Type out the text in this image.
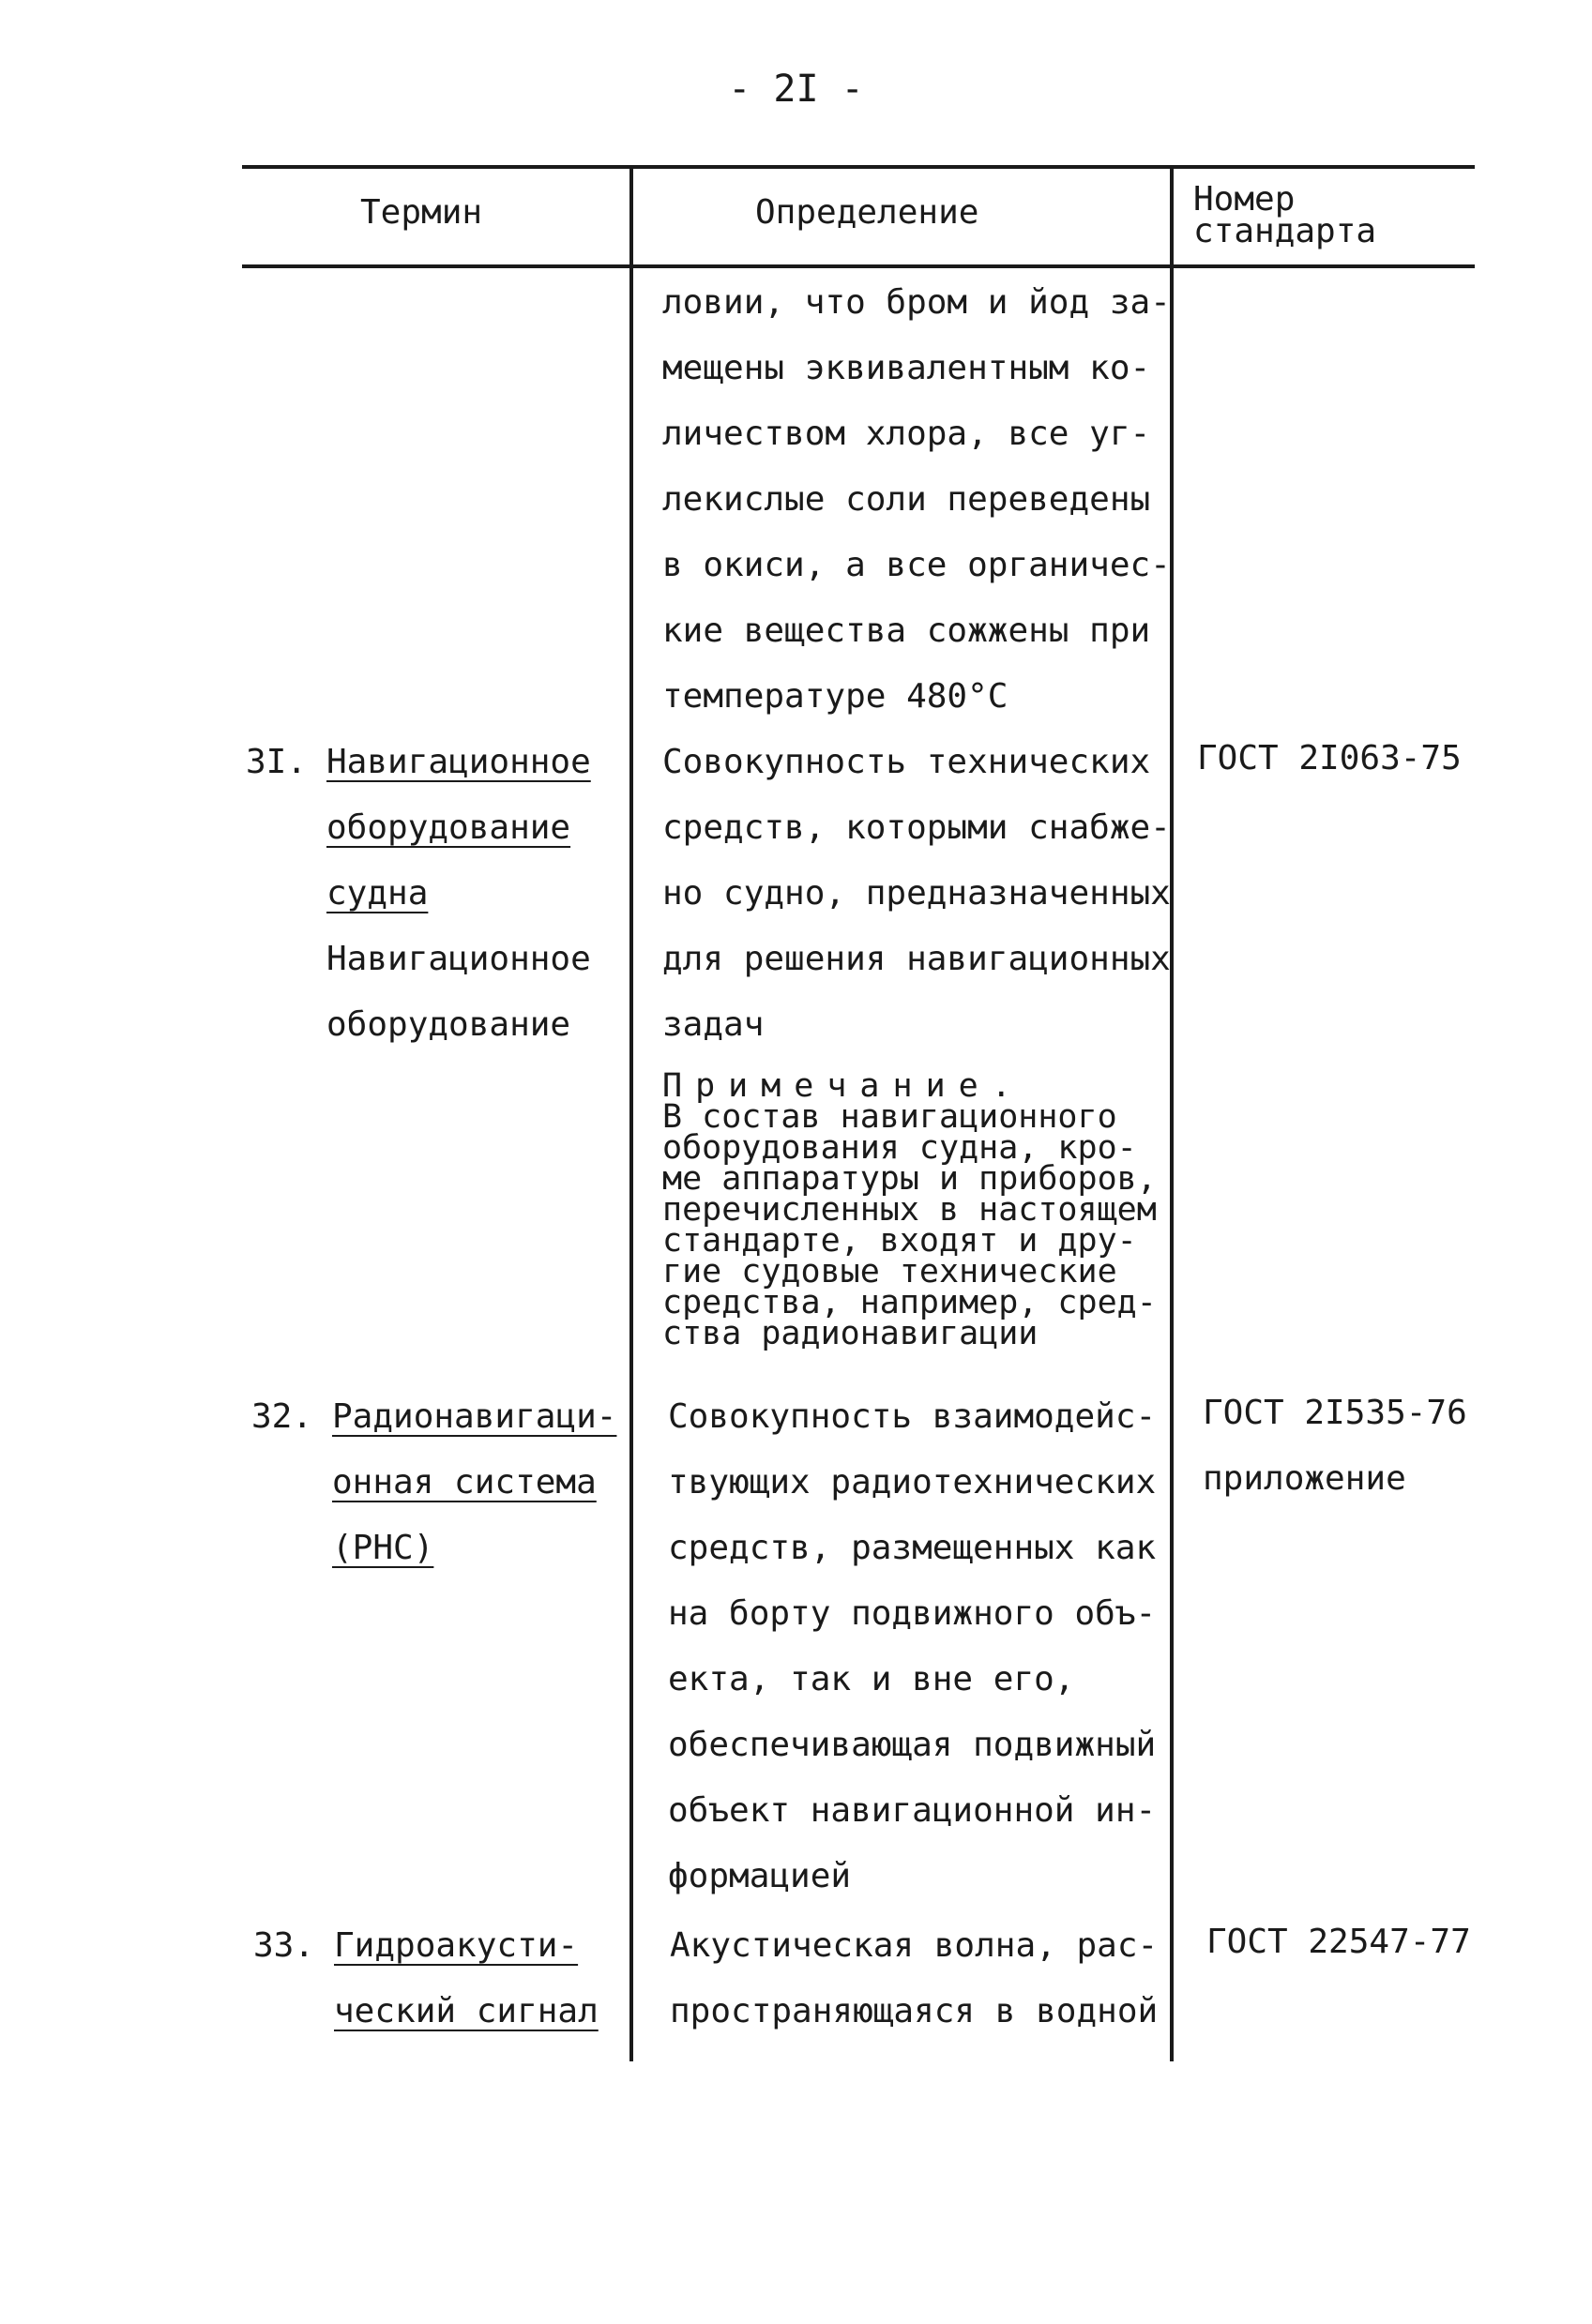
- 2I -
Термин	Определение	Номер
стандарта
ловии, что бром и йод за-
мещены эквивалентным ко-
личеством хлора, все уг-
лекислые соли переведены
в окиси, а все органичес-
кие вещества сожжены при
температуре 480°С
3I. Навигационное
оборудование
судна
Навигационное
оборудование
Совокупность технических
средств, которыми снабже-
но судно, предназначенных
для решения навигационных
задач
Примечание.
В состав навигационного
оборудования судна, кро-
ме аппаратуры и приборов,
перечисленных в настоящем
стандарте, входят и дру-
гие судовые технические
средства, например, сред-
ства радионавигации
ГОСТ 2I063-75
32. Радионавигаци-
онная система
(РНС)
Совокупность взаимодейс-
твующих радиотехнических
средств, размещенных как
на борту подвижного объ-
екта, так и вне его,
обеспечивающая подвижный
объект навигационной ин-
формацией
ГОСТ 2I535-76
приложение
33. Гидроакусти-
ческий сигнал
Акустическая волна, рас-
пространяющаяся в водной
ГОСТ 22547-77
